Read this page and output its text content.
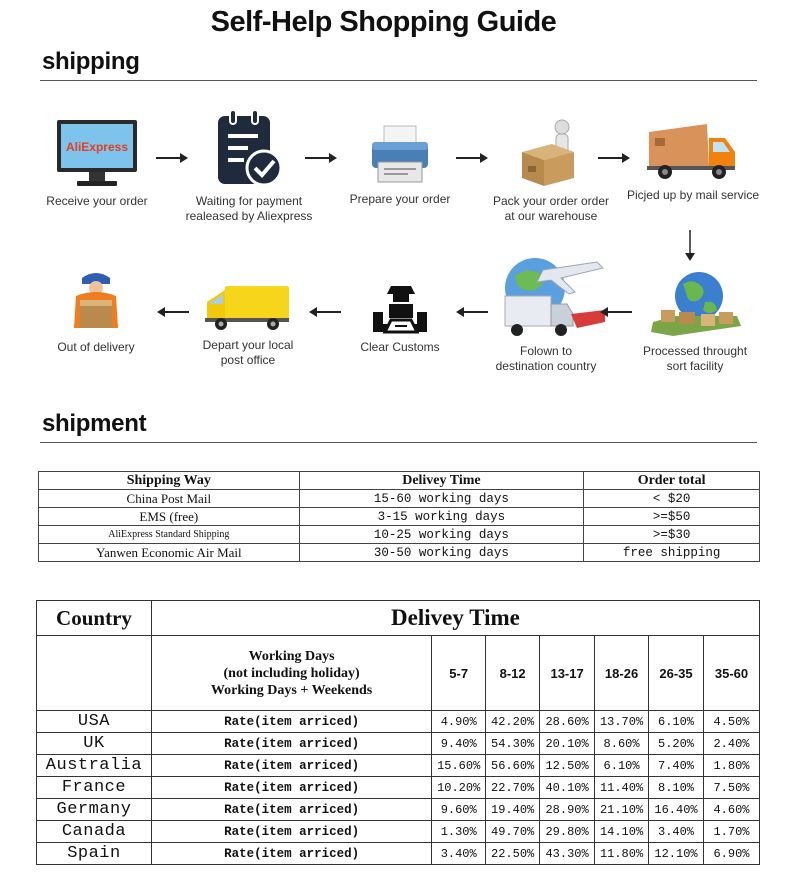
Self-Help Shopping Guide
shipping
AliExpress
Receive your order	Waiting for payment
realeased by Aliexpress
Prepare your order	Pack your order order
at our warehouse
Picjed up by mail service
Processed throught
sort facility
Folown to
destination country
Clear Customs
Depart your local
post office
Out of delivery
shipment
Shipping Way	Delivey Time	Order total
China Post Mail	15-60 working days	< $20
EMS (free)	3-15 working days	>=$50
AliExpress Standard Shipping	10-25 working days	>=$30
Yanwen Economic Air Mail	30-50 working days	free shipping
Country	Delivey Time						

	Working Days
(not including holiday)
Working Days + Weekends	5-7	8-12	13-17	18-26	26-35	35-60
USA	Rate(item arriced)	4.90%	42.20%	28.60%	13.70%	6.10%	4.50%
UK	Rate(item arriced)	9.40%	54.30%	20.10%	8.60%	5.20%	2.40%
Australia	Rate(item arriced)	15.60%	56.60%	12.50%	6.10%	7.40%	1.80%
France	Rate(item arriced)	10.20%	22.70%	40.10%	11.40%	8.10%	7.50%
Germany	Rate(item arriced)	9.60%	19.40%	28.90%	21.10%	16.40%	4.60%
Canada	Rate(item arriced)	1.30%	49.70%	29.80%	14.10%	3.40%	1.70%
Spain	Rate(item arriced)	3.40%	22.50%	43.30%	11.80%	12.10%	6.90%
